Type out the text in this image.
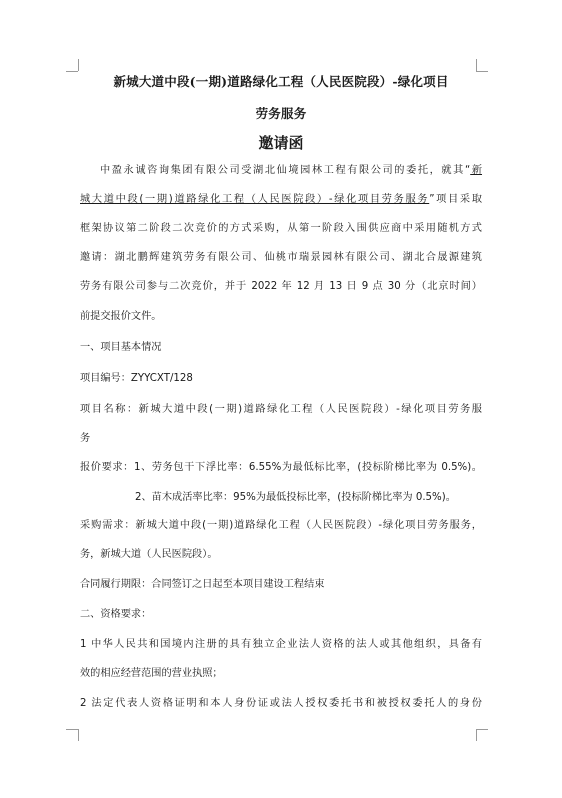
新城大道中段(一期)道路绿化工程（人民医院段）-绿化项目
劳务服务
邀请函
中盈永诚咨询集团有限公司受湖北仙境园林工程有限公司的委托，就其“新
城大道中段(一期)道路绿化工程（人民医院段）-绿化项目劳务服务”项目采取
框架协议第二阶段二次竞价的方式采购，从第一阶段入围供应商中采用随机方式
邀请：湖北鹏辉建筑劳务有限公司、仙桃市瑞景园林有限公司、湖北合晟源建筑
劳务有限公司参与二次竞价，并于 2022 年 12 月 13 日 9 点 30 分（北京时间）
前提交报价文件。
一、项目基本情况
项目编号：ZYYCXT/128
项目名称：新城大道中段(一期)道路绿化工程（人民医院段）-绿化项目劳务服
务
报价要求：1、劳务包干下浮比率：6.55%为最低标比率，(投标阶梯比率为 0.5%)。
2、苗木成活率比率：95%为最低投标比率，(投标阶梯比率为 0.5%)。
采购需求：新城大道中段(一期)道路绿化工程（人民医院段）-绿化项目劳务服务，
务，新城大道（人民医院段）。
合同履行期限：合同签订之日起至本项目建设工程结束
二、资格要求：
1 中华人民共和国境内注册的具有独立企业法人资格的法人或其他组织，具备有
效的相应经营范围的营业执照；
2 法定代表人资格证明和本人身份证或法人授权委托书和被授权委托人的身份
